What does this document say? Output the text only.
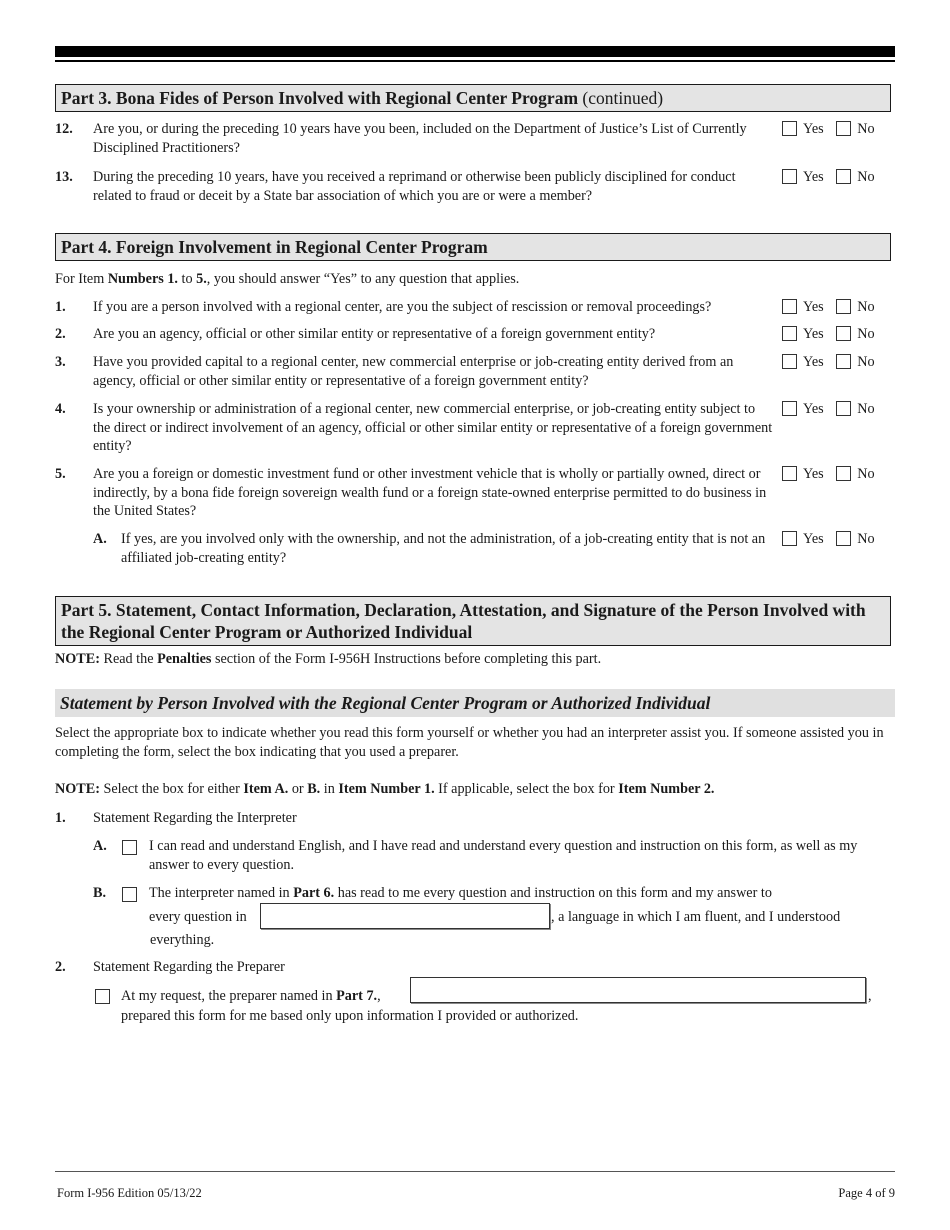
Part 3. Bona Fides of Person Involved with Regional Center Program (continued)
12. Are you, or during the preceding 10 years have you been, included on the Department of Justice’s List of Currently Disciplined Practitioners?
Yes No
13. During the preceding 10 years, have you received a reprimand or otherwise been publicly disciplined for conduct related to fraud or deceit by a State bar association of which you are or were a member?
Yes No
Part 4. Foreign Involvement in Regional Center Program
For Item Numbers 1. to 5., you should answer “Yes” to any question that applies.
1. If you are a person involved with a regional center, are you the subject of rescission or removal proceedings?	Yes No
2. Are you an agency, official or other similar entity or representative of a foreign government entity?	Yes No
3. Have you provided capital to a regional center, new commercial enterprise or job-creating entity derived from an agency, official or other similar entity or representative of a foreign government entity?
Yes No
4. Is your ownership or administration of a regional center, new commercial enterprise, or job-creating entity subject to the direct or indirect involvement of an agency, official or other similar entity or representative of a foreign government entity?
Yes No
5. Are you a foreign or domestic investment fund or other investment vehicle that is wholly or partially owned, direct or indirectly, by a bona fide foreign sovereign wealth fund or a foreign state-owned enterprise permitted to do business in the United States?
Yes No
A. If yes, are you involved only with the ownership, and not the administration, of a job-creating entity that is not an affiliated job-creating entity?
Yes No
Part 5. Statement, Contact Information, Declaration, Attestation, and Signature of the Person Involved with the Regional Center Program or Authorized Individual
NOTE: Read the Penalties section of the Form I-956H Instructions before completing this part.
Statement by Person Involved with the Regional Center Program or Authorized Individual
Select the appropriate box to indicate whether you read this form yourself or whether you had an interpreter assist you. If someone assisted you in completing the form, select the box indicating that you used a preparer.
NOTE: Select the box for either Item A. or B. in Item Number 1. If applicable, select the box for Item Number 2.
1. Statement Regarding the Interpreter
A.	I can read and understand English, and I have read and understand every question and instruction on this form, as well as my answer to every question.
B.	The interpreter named in Part 6. has read to me every question and instruction on this form and my answer to
every question in	, a language in which I am fluent, and I understood
everything.
2. Statement Regarding the Preparer
At my request, the preparer named in Part 7.,	,
prepared this form for me based only upon information I provided or authorized.
Form I-956 Edition 05/13/22	Page 4 of 9
